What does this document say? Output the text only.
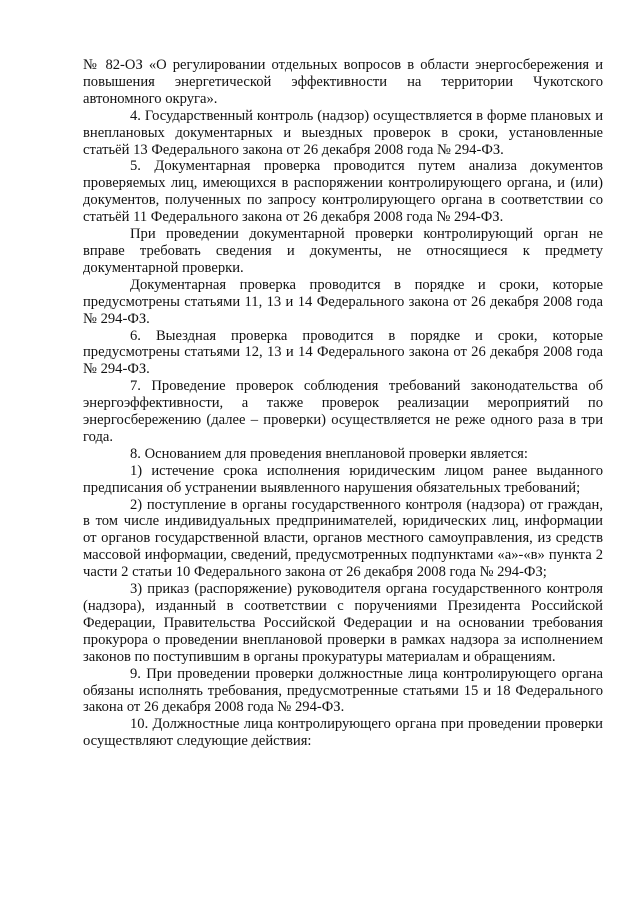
№ 82-ОЗ «О регулировании отдельных вопросов в области энергосбережения и повышения энергетической эффективности на территории Чукотского автономного округа».

4. Государственный контроль (надзор) осуществляется в форме плановых и внеплановых документарных и выездных проверок в сроки, установленные статьёй 13 Федерального закона от 26 декабря 2008 года № 294-ФЗ.

5. Документарная проверка проводится путем анализа документов проверяемых лиц, имеющихся в распоряжении контролирующего органа, и (или) документов, полученных по запросу контролирующего органа в соответствии со статьёй 11 Федерального закона от 26 декабря 2008 года № 294-ФЗ.

При проведении документарной проверки контролирующий орган не вправе требовать сведения и документы, не относящиеся к предмету документарной проверки.

Документарная проверка проводится в порядке и сроки, которые предусмотрены статьями 11, 13 и 14 Федерального закона от 26 декабря 2008 года № 294-ФЗ.

6. Выездная проверка проводится в порядке и сроки, которые предусмотрены статьями 12, 13 и 14 Федерального закона от 26 декабря 2008 года № 294-ФЗ.

7. Проведение проверок соблюдения требований законодательства об энергоэффективности, а также проверок реализации мероприятий по энергосбережению (далее – проверки) осуществляется не реже одного раза в три года.

8. Основанием для проведения внеплановой проверки является:

1) истечение срока исполнения юридическим лицом ранее выданного предписания об устранении выявленного нарушения обязательных требований;

2) поступление в органы государственного контроля (надзора) от граждан, в том числе индивидуальных предпринимателей, юридических лиц, информации от органов государственной власти, органов местного самоуправления, из средств массовой информации, сведений, предусмотренных подпунктами «а»-«в» пункта 2 части 2 статьи 10 Федерального закона от 26 декабря 2008 года № 294-ФЗ;

3) приказ (распоряжение) руководителя органа государственного контроля (надзора), изданный в соответствии с поручениями Президента Российской Федерации, Правительства Российской Федерации и на основании требования прокурора о проведении внеплановой проверки в рамках надзора за исполнением законов по поступившим в органы прокуратуры материалам и обращениям.

9. При проведении проверки должностные лица контролирующего органа обязаны исполнять требования, предусмотренные статьями 15 и 18 Федерального закона от 26 декабря 2008 года № 294-ФЗ.

10. Должностные лица контролирующего органа при проведении проверки осуществляют следующие действия:
